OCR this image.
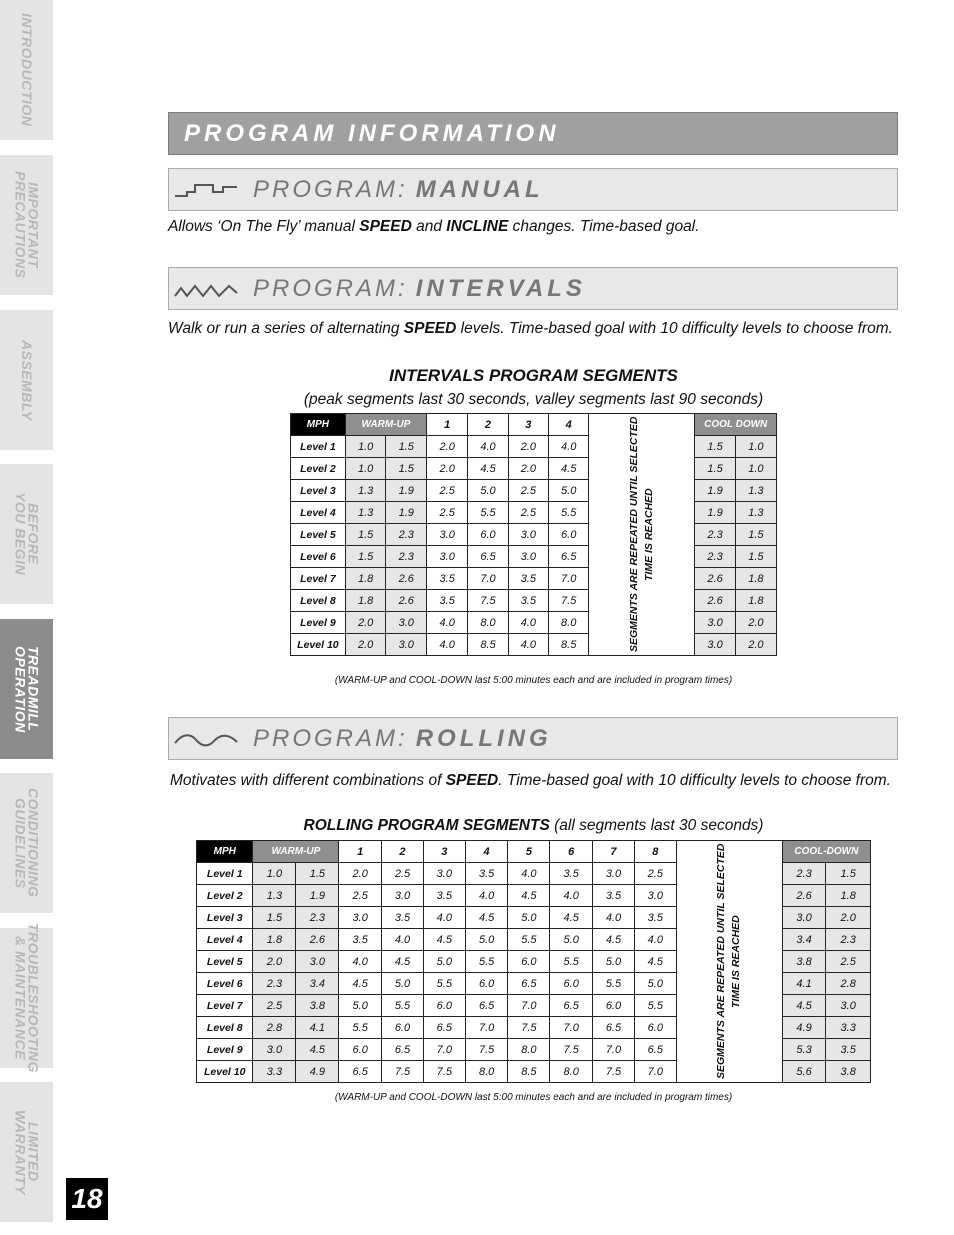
INTRODUCTION
IMPORTANT
PRECAUTIONS
ASSEMBLY
BEFORE
YOU BEGIN
TREADMILL
OPERATION
CONDITIONING
GUIDELINES
TROUBLESHOOTING
& MAINTENANCE
LIMITED
WARRANTY
18
PROGRAM INFORMATION
PROGRAM: MANUAL
Allows ‘On The Fly’ manual SPEED and INCLINE changes. Time-based goal.
PROGRAM: INTERVALS
Walk or run a series of alternating SPEED levels. Time-based goal with 10 difficulty levels to choose from.
INTERVALS PROGRAM SEGMENTS
(peak segments last 30 seconds, valley segments last 90 seconds)
MPH	WARM-UP		1	2	3	4	SEGMENTS ARE REPEATED UNTIL SELECTED TIME IS REACHED	COOL DOWN	
Level 1	1.0	1.5	2.0	4.0	2.0	4.0		1.5	1.0
Level 2	1.0	1.5	2.0	4.5	2.0	4.5		1.5	1.0
Level 3	1.3	1.9	2.5	5.0	2.5	5.0		1.9	1.3
Level 4	1.3	1.9	2.5	5.5	2.5	5.5		1.9	1.3
Level 5	1.5	2.3	3.0	6.0	3.0	6.0		2.3	1.5
Level 6	1.5	2.3	3.0	6.5	3.0	6.5		2.3	1.5
Level 7	1.8	2.6	3.5	7.0	3.5	7.0		2.6	1.8
Level 8	1.8	2.6	3.5	7.5	3.5	7.5		2.6	1.8
Level 9	2.0	3.0	4.0	8.0	4.0	8.0		3.0	2.0
Level 10	2.0	3.0	4.0	8.5	4.0	8.5		3.0	2.0
(WARM-UP and COOL-DOWN last 5:00 minutes each and are included in program times)
PROGRAM: ROLLING
Motivates with different combinations of SPEED. Time-based goal with 10 difficulty levels to choose from.
ROLLING PROGRAM SEGMENTS (all segments last 30 seconds)
MPH	WARM-UP		1	2	3	4	5	6	7	8	SEGMENTS ARE REPEATED UNTIL SELECTED TIME IS REACHED	COOL-DOWN	
Level 1	1.0	1.5	2.0	2.5	3.0	3.5	4.0	3.5	3.0	2.5		2.3	1.5
Level 2	1.3	1.9	2.5	3.0	3.5	4.0	4.5	4.0	3.5	3.0		2.6	1.8
Level 3	1.5	2.3	3.0	3.5	4.0	4.5	5.0	4.5	4.0	3.5		3.0	2.0
Level 4	1.8	2.6	3.5	4.0	4.5	5.0	5.5	5.0	4.5	4.0		3.4	2.3
Level 5	2.0	3.0	4.0	4.5	5.0	5.5	6.0	5.5	5.0	4.5		3.8	2.5
Level 6	2.3	3.4	4.5	5.0	5.5	6.0	6.5	6.0	5.5	5.0		4.1	2.8
Level 7	2.5	3.8	5.0	5.5	6.0	6.5	7.0	6.5	6.0	5.5		4.5	3.0
Level 8	2.8	4.1	5.5	6.0	6.5	7.0	7.5	7.0	6.5	6.0		4.9	3.3
Level 9	3.0	4.5	6.0	6.5	7.0	7.5	8.0	7.5	7.0	6.5		5.3	3.5
Level 10	3.3	4.9	6.5	7.5	7.5	8.0	8.5	8.0	7.5	7.0		5.6	3.8
(WARM-UP and COOL-DOWN last 5:00 minutes each and are included in program times)
